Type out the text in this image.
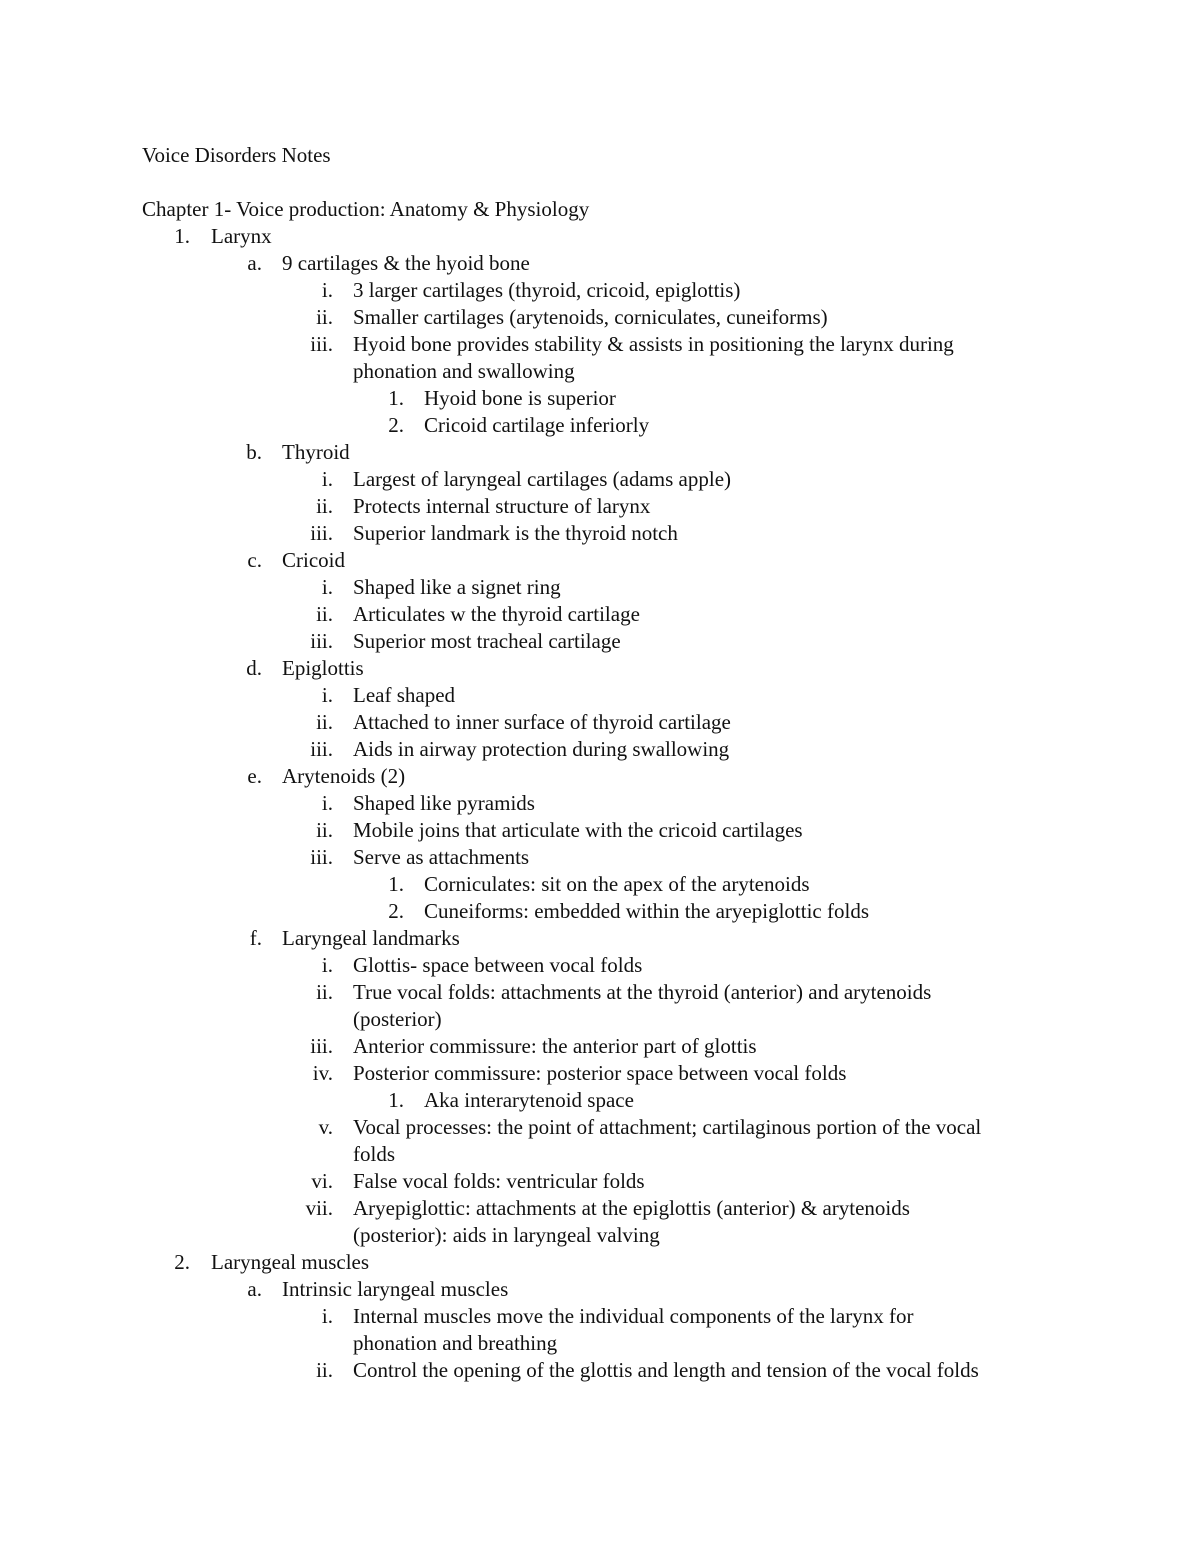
Voice Disorders Notes
Chapter 1- Voice production: Anatomy & Physiology
1. Larynx
a. 9 cartilages & the hyoid bone
i. 3 larger cartilages (thyroid, cricoid, epiglottis)
ii. Smaller cartilages (arytenoids, corniculates, cuneiforms)
iii. Hyoid bone provides stability & assists in positioning the larynx during
phonation and swallowing
1. Hyoid bone is superior
2. Cricoid cartilage inferiorly
b. Thyroid
i. Largest of laryngeal cartilages (adams apple)
ii. Protects internal structure of larynx
iii. Superior landmark is the thyroid notch
c. Cricoid
i. Shaped like a signet ring
ii. Articulates w the thyroid cartilage
iii. Superior most tracheal cartilage
d. Epiglottis
i. Leaf shaped
ii. Attached to inner surface of thyroid cartilage
iii. Aids in airway protection during swallowing
e. Arytenoids (2)
i. Shaped like pyramids
ii. Mobile joins that articulate with the cricoid cartilages
iii. Serve as attachments
1. Corniculates: sit on the apex of the arytenoids
2. Cuneiforms: embedded within the aryepiglottic folds
f. Laryngeal landmarks
i. Glottis- space between vocal folds
ii. True vocal folds: attachments at the thyroid (anterior) and arytenoids
(posterior)
iii. Anterior commissure: the anterior part of glottis
iv. Posterior commissure: posterior space between vocal folds
1. Aka interarytenoid space
v. Vocal processes: the point of attachment; cartilaginous portion of the vocal
folds
vi. False vocal folds: ventricular folds
vii. Aryepiglottic: attachments at the epiglottis (anterior) & arytenoids
(posterior): aids in laryngeal valving
2. Laryngeal muscles
a. Intrinsic laryngeal muscles
i. Internal muscles move the individual components of the larynx for
phonation and breathing
ii. Control the opening of the glottis and length and tension of the vocal folds
